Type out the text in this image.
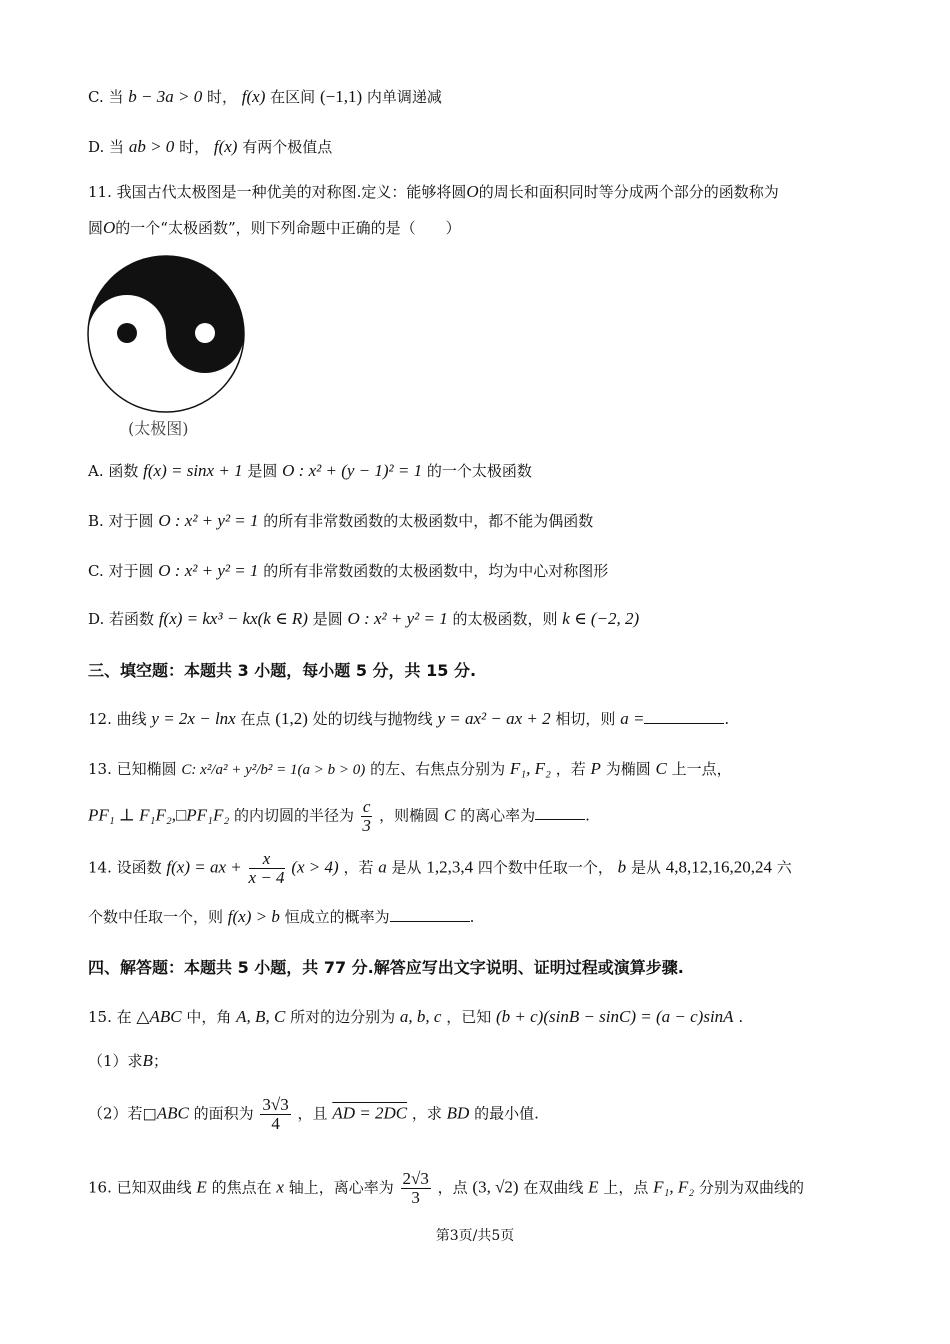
C. 当 b − 3a > 0 时， f(x) 在区间 (−1,1) 内单调递减
D. 当 ab > 0 时， f(x) 有两个极值点
11. 我国古代太极图是一种优美的对称图.定义：能够将圆O的周长和面积同时等分成两个部分的函数称为
圆O的一个“太极函数”，则下列命题中正确的是（　　）
(太极图)
A. 函数 f(x) = sinx + 1 是圆 O : x² + (y − 1)² = 1 的一个太极函数
B. 对于圆 O : x² + y² = 1 的所有非常数函数的太极函数中，都不能为偶函数
C. 对于圆 O : x² + y² = 1 的所有非常数函数的太极函数中，均为中心对称图形
D. 若函数 f(x) = kx³ − kx(k ∈ R) 是圆 O : x² + y² = 1 的太极函数，则 k ∈ (−2, 2)
三、填空题：本题共 3 小题，每小题 5 分，共 15 分.
12. 曲线 y = 2x − lnx 在点 (1,2) 处的切线与抛物线 y = ax² − ax + 2 相切，则 a =	.
13. 已知椭圆 C: x²/a² + y²/b² = 1(a > b > 0) 的左、右焦点分别为 F₁, F₂ ，若 P 为椭圆 C 上一点，
PF₁ ⊥ F₁F₂,□PF₁F₂ 的内切圆的半径为 $\frac{c}{3}$ ，则椭圆 C 的离心率为	.
14. 设函数 f(x) = ax + $\frac{x}{x - 4} (x > 4)$ ，若 a 是从 1,2,3,4 四个数中任取一个， b 是从 4,8,12,16,20,24 六
个数中任取一个，则 f(x) > b 恒成立的概率为	.
四、解答题：本题共 5 小题，共 77 分.解答应写出文字说明、证明过程或演算步骤.
15. 在 △ABC 中，角 A, B, C 所对的边分别为 a, b, c ，已知 (b + c)(sinB − sinC) = (a − c)sinA .
（1）求B；
（2）若□ABC 的面积为 $\frac{3√3}{4}$ ，且 AD = 2DC ，求 BD 的最小值.
16. 已知双曲线 E 的焦点在 x 轴上，离心率为 $\frac{2√3}{3}$ ，点 (3, √2) 在双曲线 E 上，点 F₁, F₂ 分别为双曲线的
第3页/共5页
